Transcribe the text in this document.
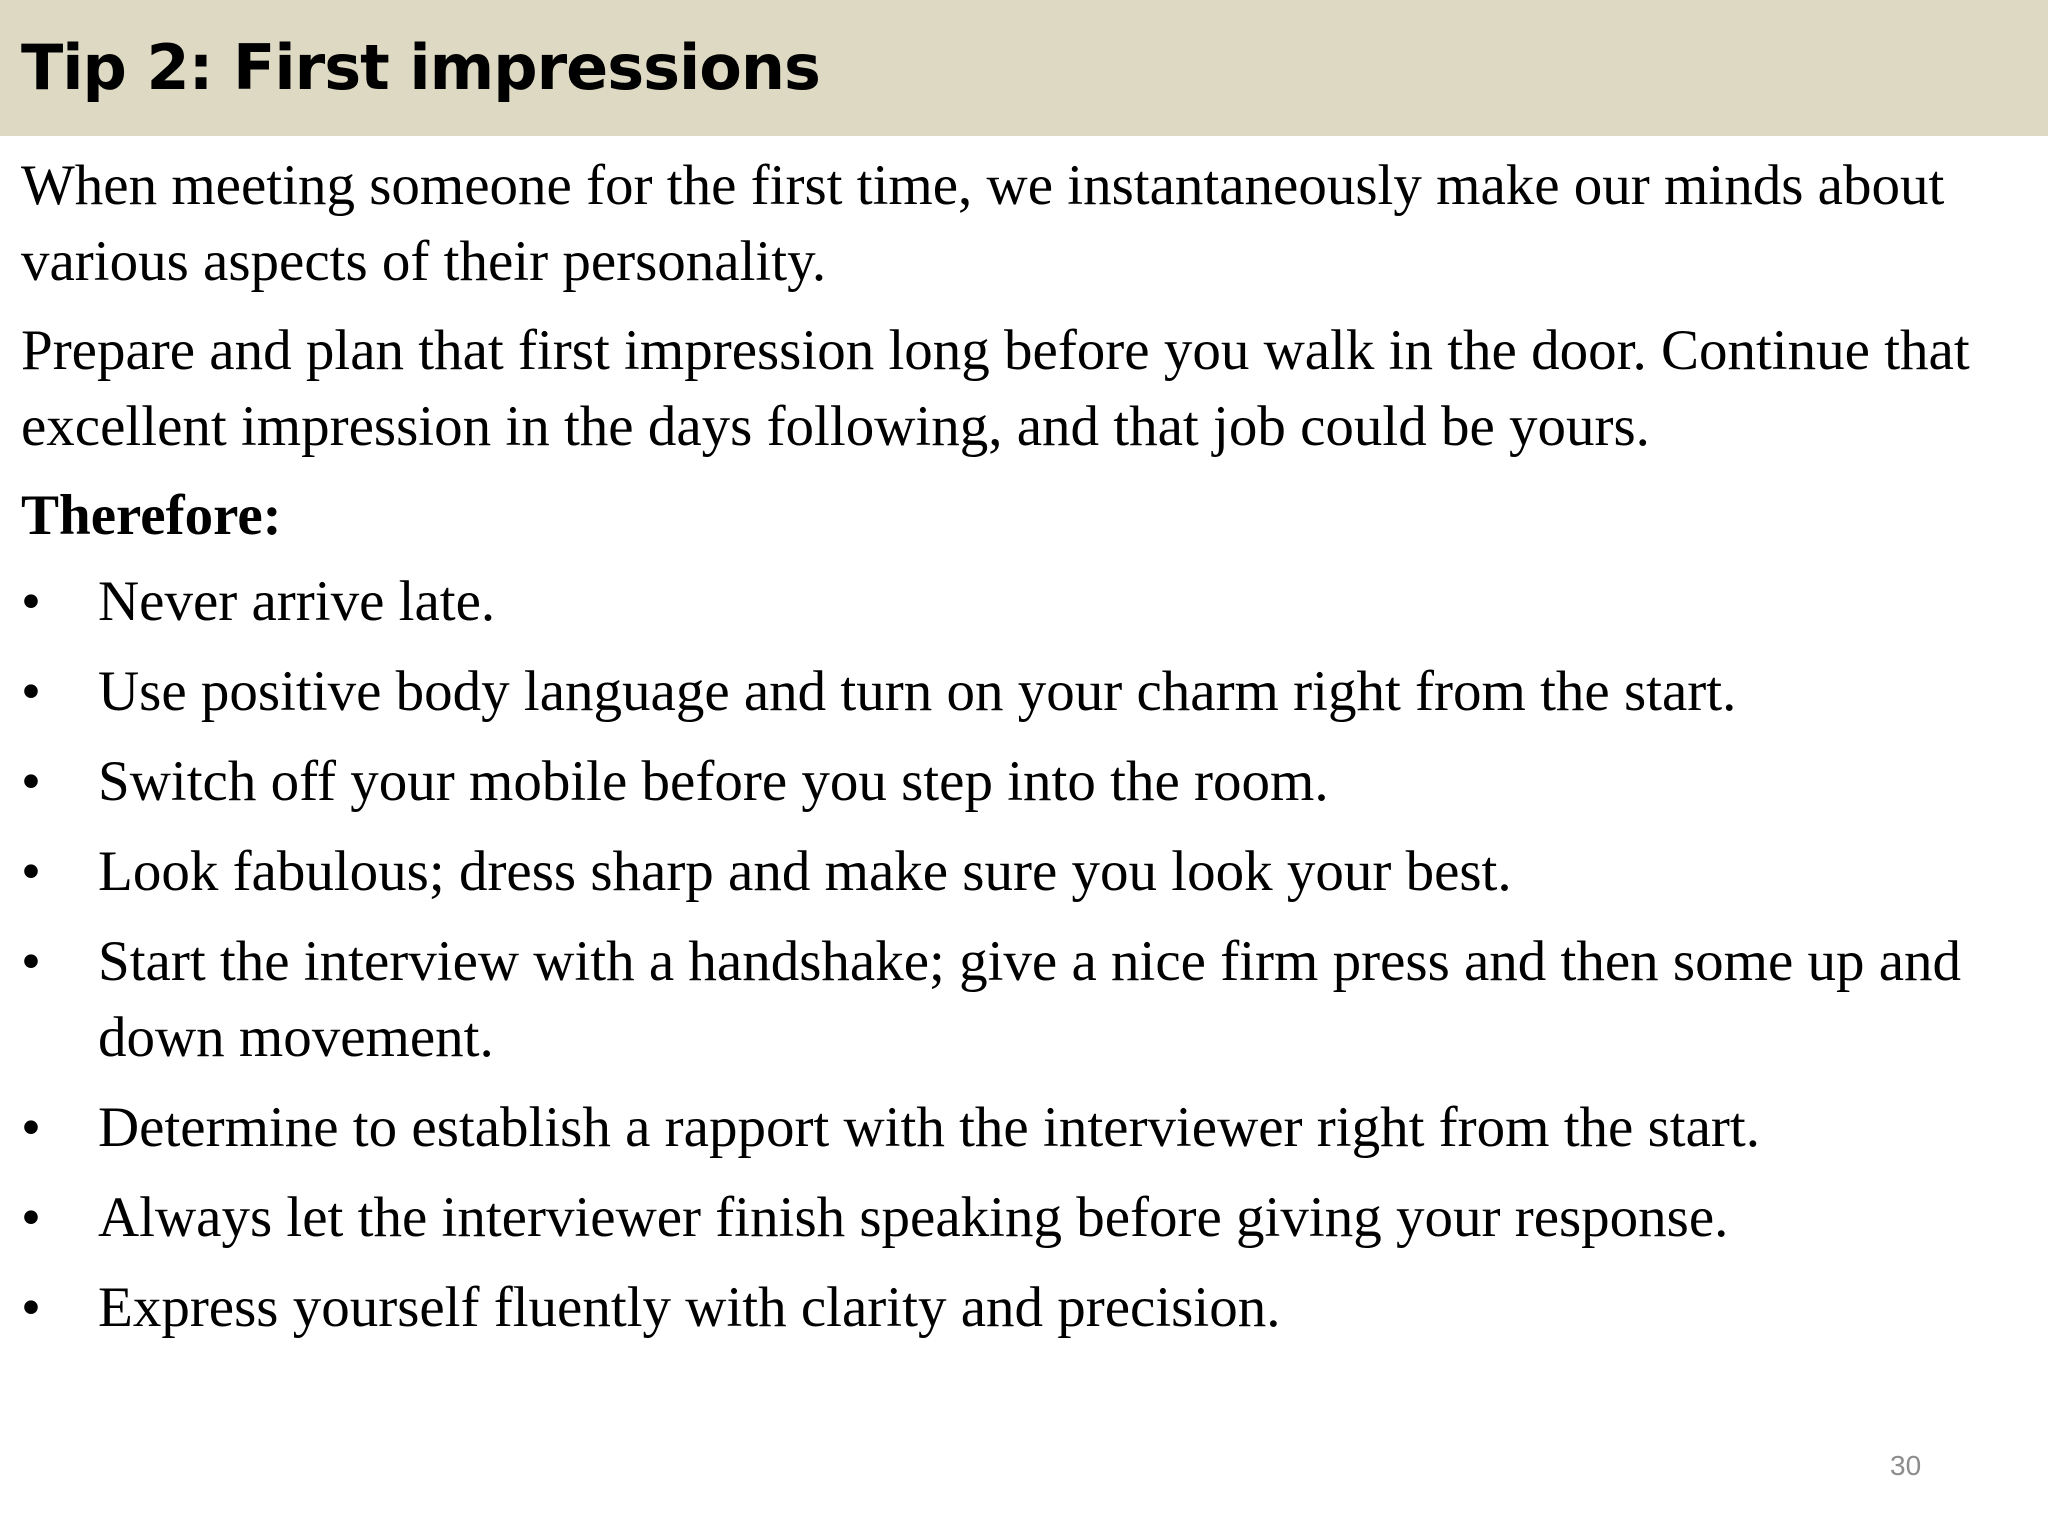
Tip 2: First impressions

When meeting someone for the first time, we instantaneously make our minds about various aspects of their personality.

Prepare and plan that first impression long before you walk in the door. Continue that excellent impression in the days following, and that job could be yours.

Therefore:

•	Never arrive late.
•	Use positive body language and turn on your charm right from the start.
•	Switch off your mobile before you step into the room.
•	Look fabulous; dress sharp and make sure you look your best.
•	Start the interview with a handshake; give a nice firm press and then some up and down movement.
•	Determine to establish a rapport with the interviewer right from the start.
•	Always let the interviewer finish speaking before giving your response.
•	Express yourself fluently with clarity and precision.
30
